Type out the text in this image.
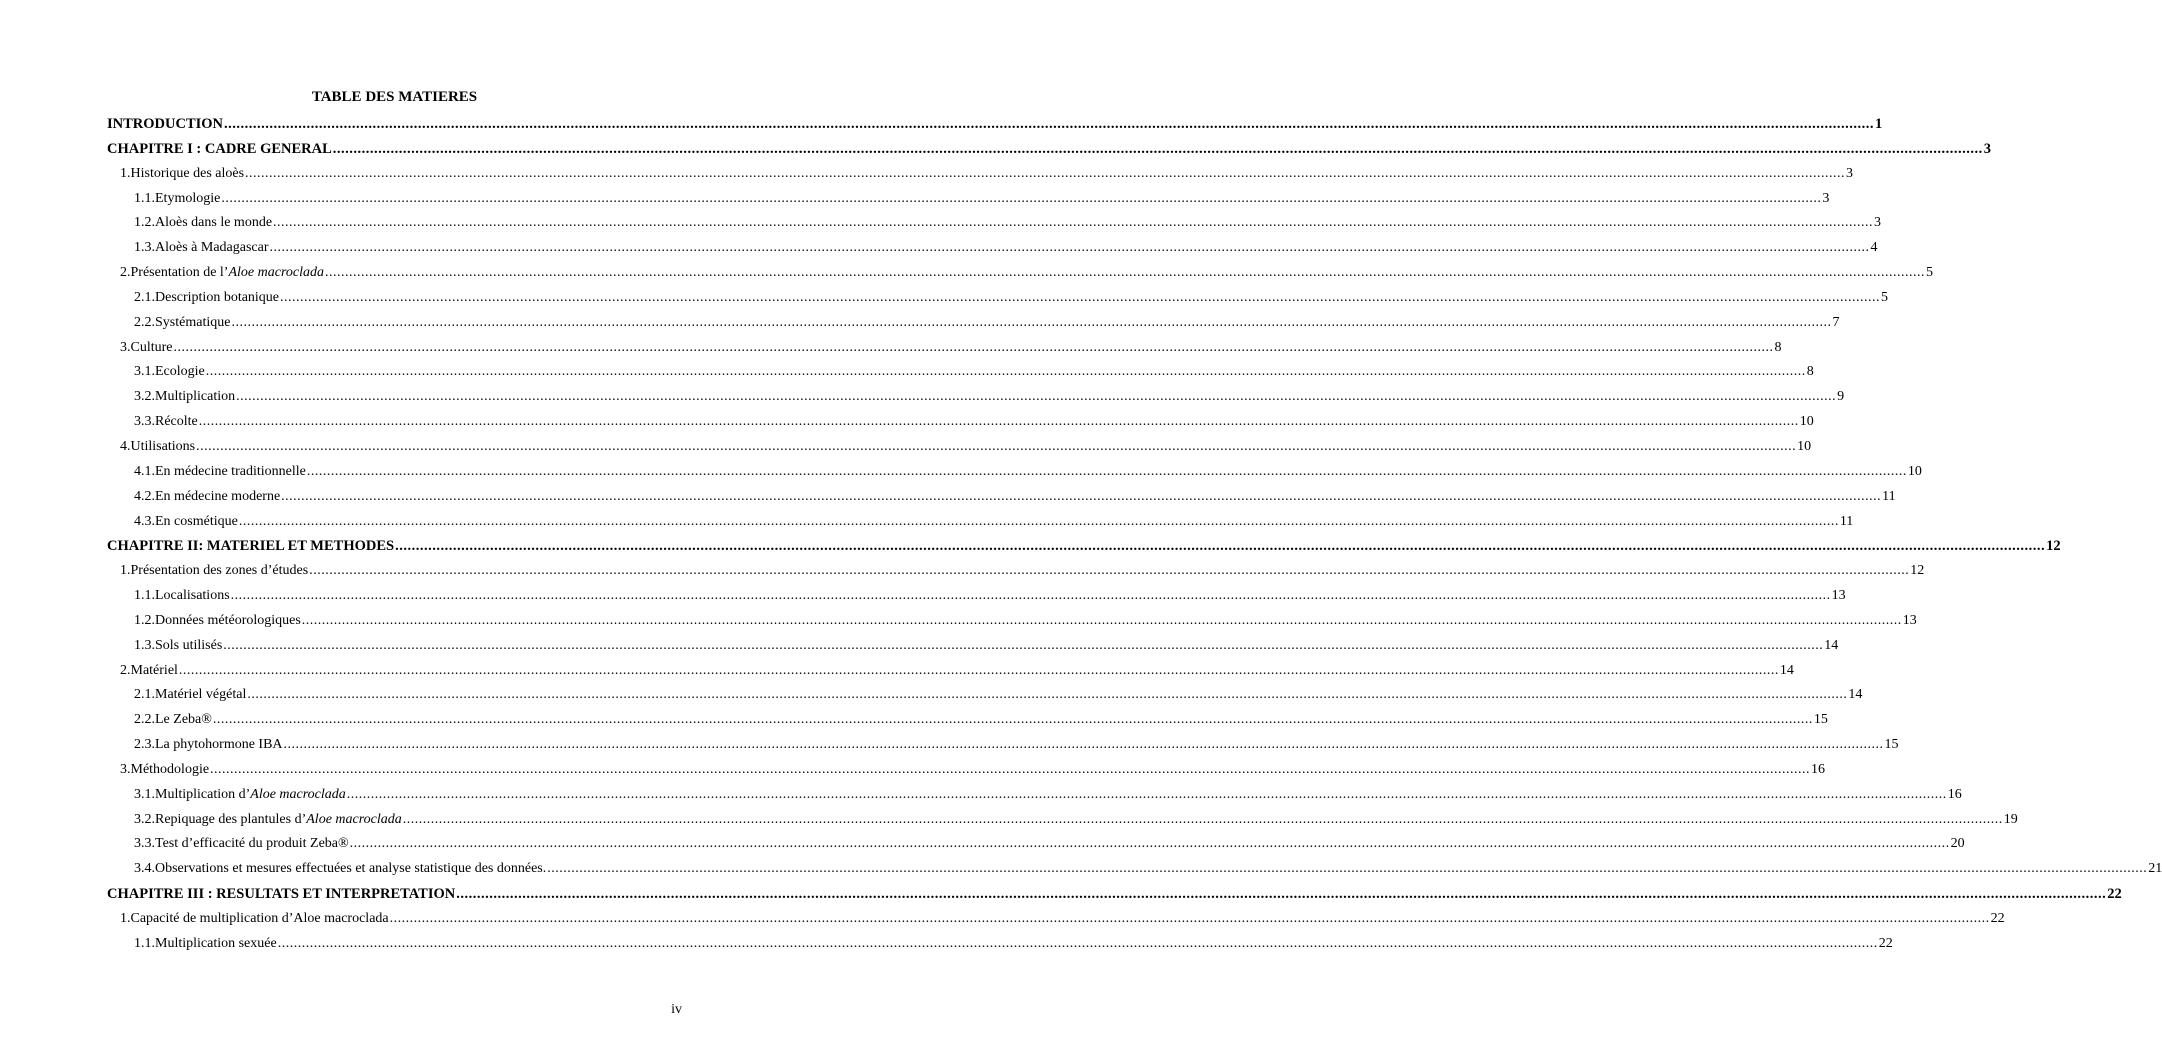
TABLE DES MATIERES
INTRODUCTION ................................................................................................................................................................................................................................................................................................................................................................................................................ 1
CHAPITRE I : CADRE GENERAL ................................................................................................................................................................................................................................................................................................................................................................................................................ 3
1. Historique des aloès ................................................................................................................................................................................................................................................................................................................................................................................................................ 3
1.1. Etymologie ................................................................................................................................................................................................................................................................................................................................................................................................................ 3
1.2. Aloès dans le monde ................................................................................................................................................................................................................................................................................................................................................................................................................ 3
1.3. Aloès à Madagascar ................................................................................................................................................................................................................................................................................................................................................................................................................ 4
2. Présentation de l’Aloe macroclada ................................................................................................................................................................................................................................................................................................................................................................................................................ 5
2.1. Description botanique ................................................................................................................................................................................................................................................................................................................................................................................................................ 5
2.2. Systématique ................................................................................................................................................................................................................................................................................................................................................................................................................ 7
3. Culture ................................................................................................................................................................................................................................................................................................................................................................................................................ 8
3.1. Ecologie ................................................................................................................................................................................................................................................................................................................................................................................................................ 8
3.2. Multiplication ................................................................................................................................................................................................................................................................................................................................................................................................................ 9
3.3. Récolte ................................................................................................................................................................................................................................................................................................................................................................................................................ 10
4. Utilisations ................................................................................................................................................................................................................................................................................................................................................................................................................ 10
4.1. En médecine traditionnelle ................................................................................................................................................................................................................................................................................................................................................................................................................ 10
4.2. En médecine moderne ................................................................................................................................................................................................................................................................................................................................................................................................................ 11
4.3. En cosmétique ................................................................................................................................................................................................................................................................................................................................................................................................................ 11
CHAPITRE II: MATERIEL ET METHODES ................................................................................................................................................................................................................................................................................................................................................................................................................ 12
1. Présentation des zones d’études ................................................................................................................................................................................................................................................................................................................................................................................................................ 12
1.1. Localisations ................................................................................................................................................................................................................................................................................................................................................................................................................ 13
1.2. Données météorologiques ................................................................................................................................................................................................................................................................................................................................................................................................................ 13
1.3. Sols utilisés ................................................................................................................................................................................................................................................................................................................................................................................................................ 14
2. Matériel ................................................................................................................................................................................................................................................................................................................................................................................................................ 14
2.1. Matériel végétal ................................................................................................................................................................................................................................................................................................................................................................................................................ 14
2.2. Le Zeba® ................................................................................................................................................................................................................................................................................................................................................................................................................ 15
2.3. La phytohormone IBA ................................................................................................................................................................................................................................................................................................................................................................................................................ 15
3. Méthodologie ................................................................................................................................................................................................................................................................................................................................................................................................................ 16
3.1. Multiplication d’Aloe macroclada ................................................................................................................................................................................................................................................................................................................................................................................................................ 16
3.2. Repiquage des plantules d’Aloe macroclada ................................................................................................................................................................................................................................................................................................................................................................................................................ 19
3.3. Test d’efficacité du produit Zeba® ................................................................................................................................................................................................................................................................................................................................................................................................................ 20
3.4. Observations et mesures effectuées et analyse statistique des données. ................................................................................................................................................................................................................................................................................................................................................................................................................ 21
CHAPITRE III : RESULTATS ET INTERPRETATION ................................................................................................................................................................................................................................................................................................................................................................................................................ 22
1. Capacité de multiplication d’Aloe macroclada ................................................................................................................................................................................................................................................................................................................................................................................................................ 22
1.1. Multiplication sexuée ................................................................................................................................................................................................................................................................................................................................................................................................................ 22
iv
